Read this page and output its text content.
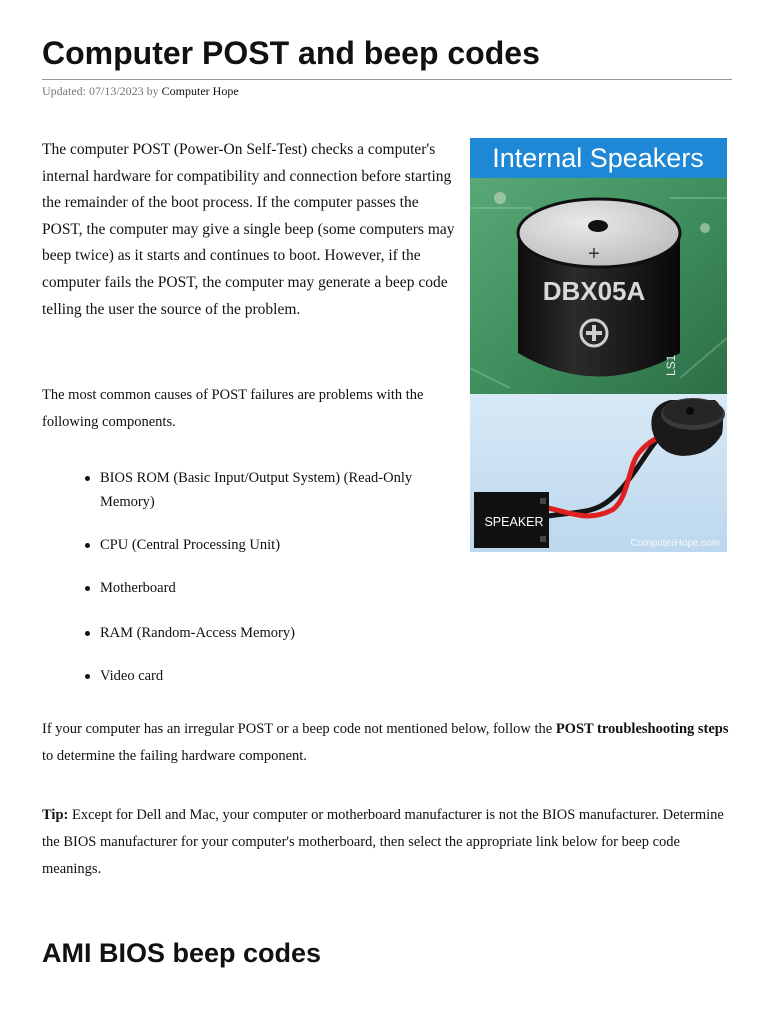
Computer POST and beep codes
Updated: 07/13/2023 by Computer Hope

The computer POST (Power-On Self-Test) checks a computer's internal hardware for compatibility and connection before starting the remainder of the boot process. If the computer passes the POST, the computer may give a single beep (some computers may beep twice) as it starts and continues to boot. However, if the computer fails the POST, the computer may generate a beep code telling the user the source of the problem.

The most common causes of POST failures are problems with the following components.

BIOS ROM (Basic Input/Output System) (Read-Only Memory)
CPU (Central Processing Unit)
Motherboard
RAM (Random-Access Memory)
Video card

If your computer has an irregular POST or a beep code not mentioned below, follow the POST troubleshooting steps to determine the failing hardware component.

Tip: Except for Dell and Mac, your computer or motherboard manufacturer is not the BIOS manufacturer. Determine the BIOS manufacturer for your computer's motherboard, then select the appropriate link below for beep code meanings.

AMI BIOS beep codes
+
DBX05A
LS1
Internal Speakers
SPEAKER
ComputerHope.com
